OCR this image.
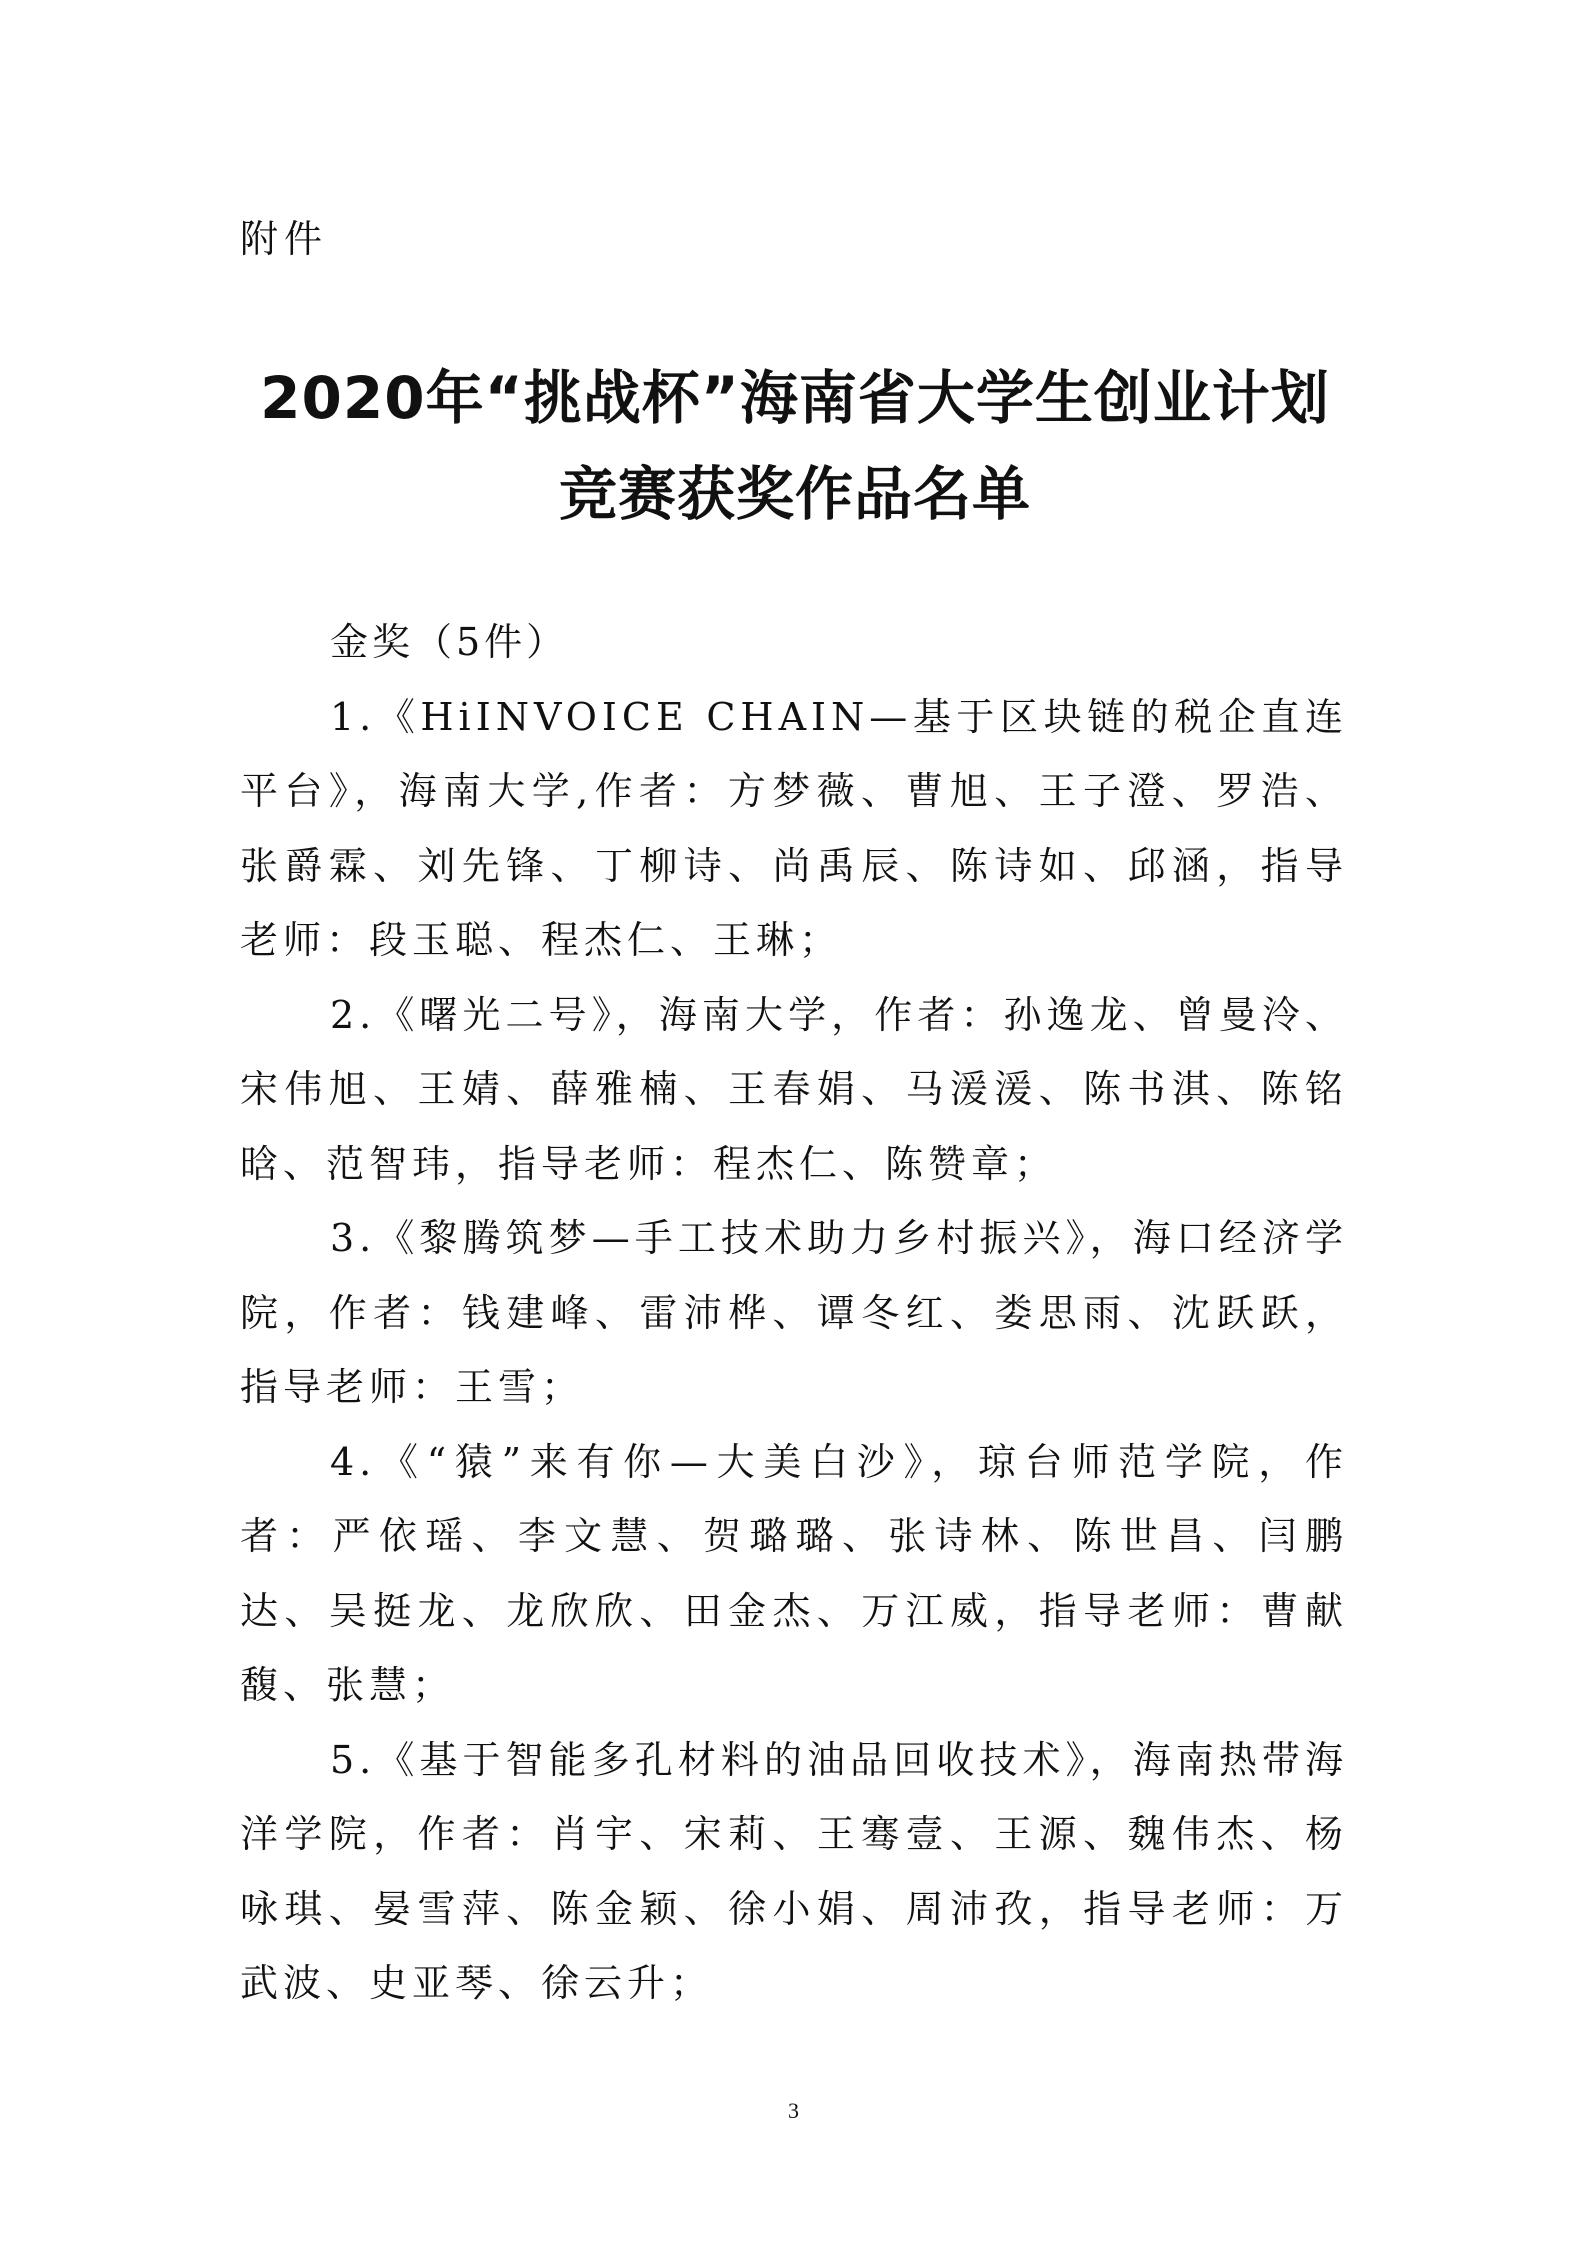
附件

2020年“挑战杯”海南省大学生创业计划
竞赛获奖作品名单
金奖（5件）

1.《HiINVOICE CHAIN—基于区块链的税企直连平台》，海南大学,作者：方梦薇、曹旭、王子澄、罗浩、张爵霖、刘先锋、丁柳诗、尚禹辰、陈诗如、邱涵，指导老师：段玉聪、程杰仁、王琳；

2.《曙光二号》，海南大学，作者：孙逸龙、曾曼泠、宋伟旭、王婧、薛雅楠、王春娟、马湲湲、陈书淇、陈铭晗、范智玮，指导老师：程杰仁、陈赞章；

3.《黎腾筑梦—手工技术助力乡村振兴》，海口经济学院，作者：钱建峰、雷沛桦、谭冬红、娄思雨、沈跃跃，指导老师：王雪；

4.《“猿”来有你—大美白沙》，琼台师范学院，作者：严依瑶、李文慧、贺璐璐、张诗林、陈世昌、闫鹏达、吴挺龙、龙欣欣、田金杰、万江威，指导老师：曹献馥、张慧；

5.《基于智能多孔材料的油品回收技术》，海南热带海洋学院，作者：肖宇、宋莉、王骞壹、王源、魏伟杰、杨咏琪、晏雪萍、陈金颖、徐小娟、周沛孜，指导老师：万武波、史亚琴、徐云升；

3
